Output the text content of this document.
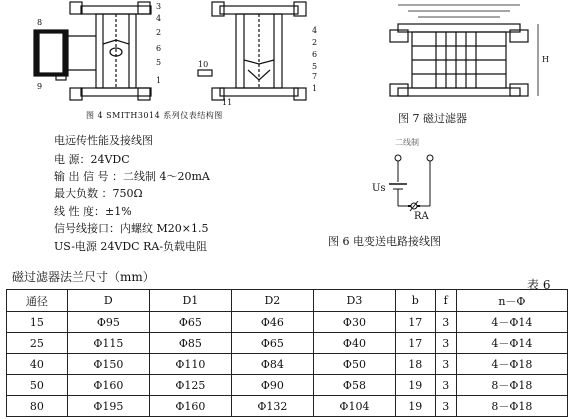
8
9
3
4
2
6
5
1
4
2
6
5
7
1
11
10
图 4 SMITH3014 系列仪表结构图
H
图 7 磁过滤器
电远传性能及接线图
电 源：24VDC
输 出 信 号 ：二线制 4～20mA
最大负数 ：750Ω
线 性 度：±1%
信号线接口：内螺纹 M20×1.5
US-电源 24VDC RA-负载电阻
二线制
Us
RA
图 6 电变送电路接线图
磁过滤器法兰尺寸（mm）
表 6
通径	D	D1	D2	D3	b	f	n－Φ
15	Φ95	Φ65	Φ46	Φ30	17	3	4－Φ14
25	Φ115	Φ85	Φ65	Φ40	17	3	4－Φ14
40	Φ150	Φ110	Φ84	Φ50	18	3	4－Φ18
50	Φ160	Φ125	Φ90	Φ58	19	3	8－Φ18
80	Φ195	Φ160	Φ132	Φ104	19	3	8－Φ18
